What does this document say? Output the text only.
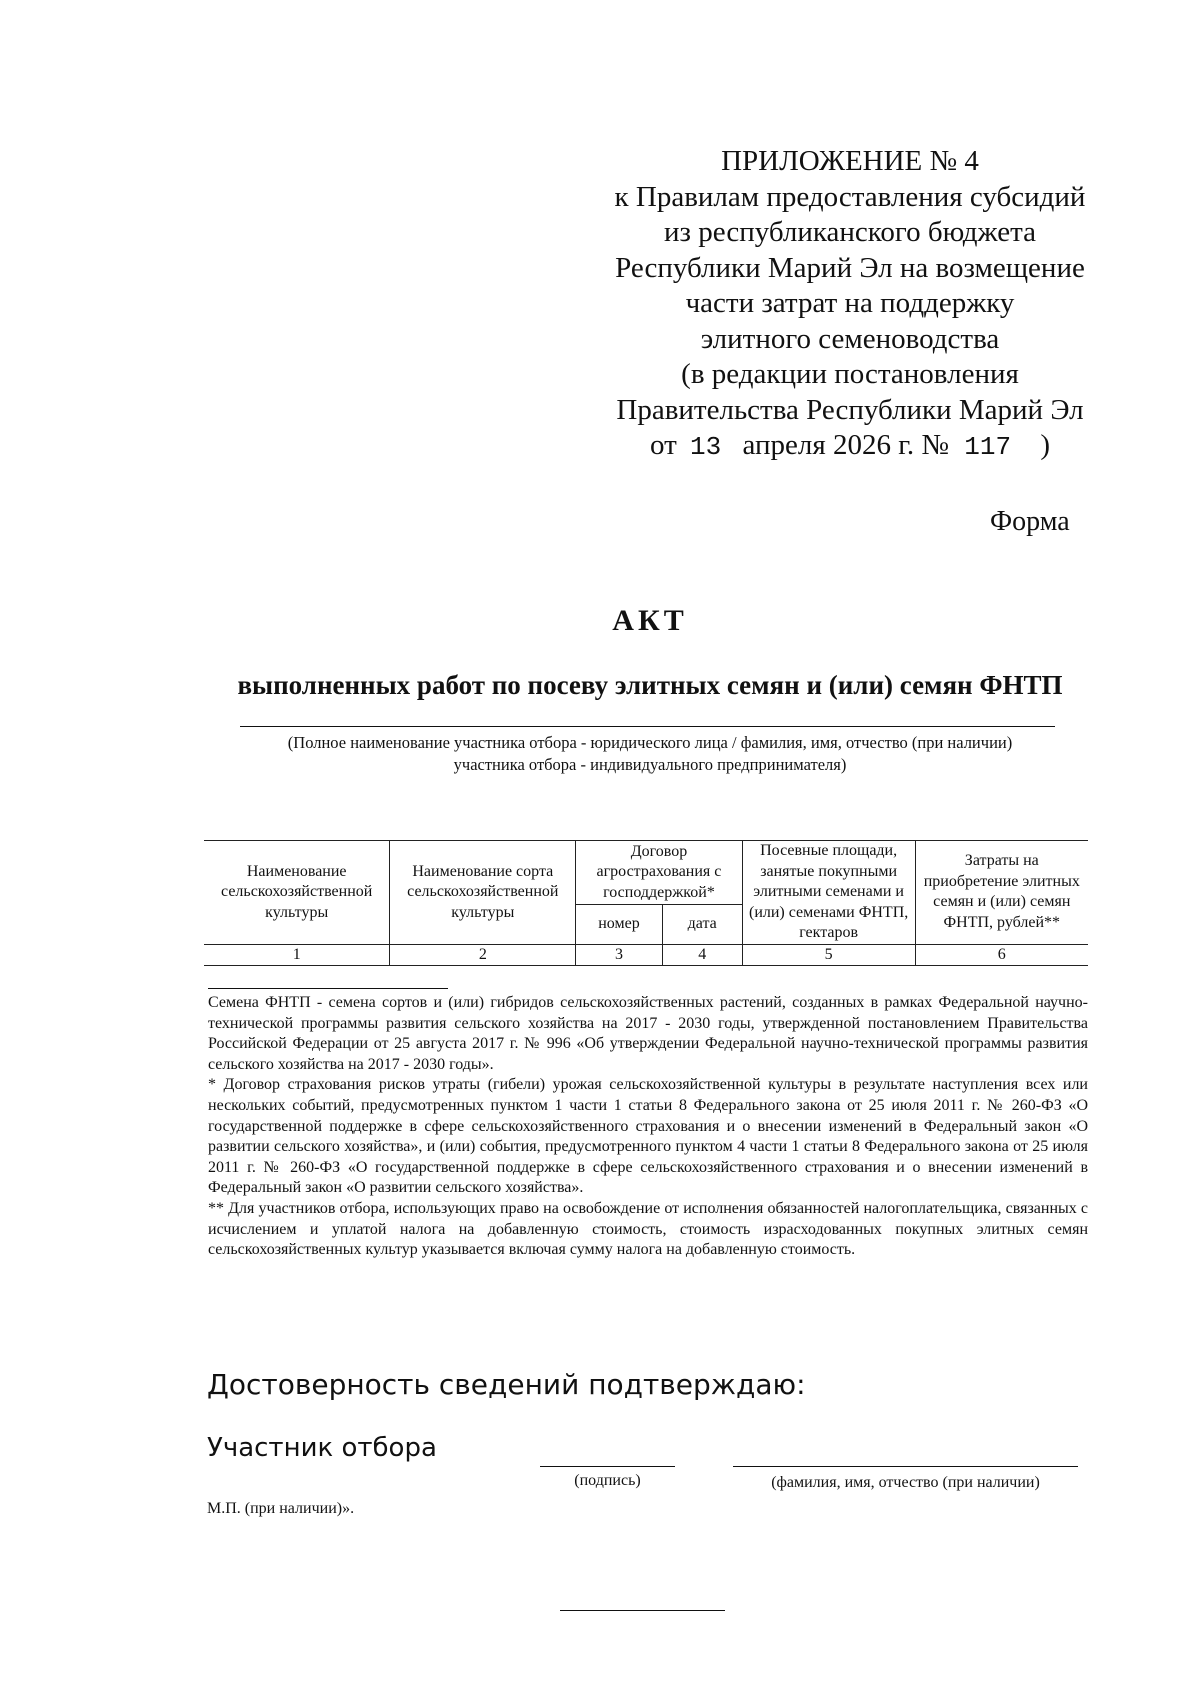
ПРИЛОЖЕНИЕ № 4
к Правилам предоставления субсидий
из республиканского бюджета
Республики Марий Эл на возмещение
части затрат на поддержку
элитного семеноводства
(в редакции постановления
Правительства Республики Марий Эл
от 13 апреля 2026 г. № 117 )
Форма
АКТ
выполненных работ по посеву элитных семян и (или) семян ФНТП
(Полное наименование участника отбора - юридического лица / фамилия, имя, отчество (при наличии)
участника отбора - индивидуального предпринимателя)
Наименование сельскохозяйственной культуры	Наименование сорта сельскохозяйственной культуры	Договор агрострахования с господдержкой*		Посевные площади, занятые покупными элитными семенами и (или) семенами ФНТП, гектаров	Затраты на приобретение элитных семян и (или) семян ФНТП, рублей**
		номер	дата		
1	2	3	4	5	6

Семена ФНТП - семена сортов и (или) гибридов сельскохозяйственных растений, созданных в рамках Федеральной научно-технической программы развития сельского хозяйства на 2017 - 2030 годы, утвержденной постановлением Правительства Российской Федерации от 25 августа 2017 г. № 996 «Об утверждении Федеральной научно-технической программы развития сельского хозяйства на 2017 - 2030 годы».

* Договор страхования рисков утраты (гибели) урожая сельскохозяйственной культуры в результате наступления всех или нескольких событий, предусмотренных пунктом 1 части 1 статьи 8 Федерального закона от 25 июля 2011 г. № 260-ФЗ «О государственной поддержке в сфере сельскохозяйственного страхования и о внесении изменений в Федеральный закон «О развитии сельского хозяйства», и (или) события, предусмотренного пунктом 4 части 1 статьи 8 Федерального закона от 25 июля 2011 г. № 260-ФЗ «О государственной поддержке в сфере сельскохозяйственного страхования и о внесении изменений в Федеральный закон «О развитии сельского хозяйства».

** Для участников отбора, использующих право на освобождение от исполнения обязанностей налогоплательщика, связанных с исчислением и уплатой налога на добавленную стоимость, стоимость израсходованных покупных элитных семян сельскохозяйственных культур указывается включая сумму налога на добавленную стоимость.

Достоверность сведений подтверждаю:
Участник отбора
(подпись)	(фамилия, имя, отчество (при наличии)
М.П. (при наличии)».
